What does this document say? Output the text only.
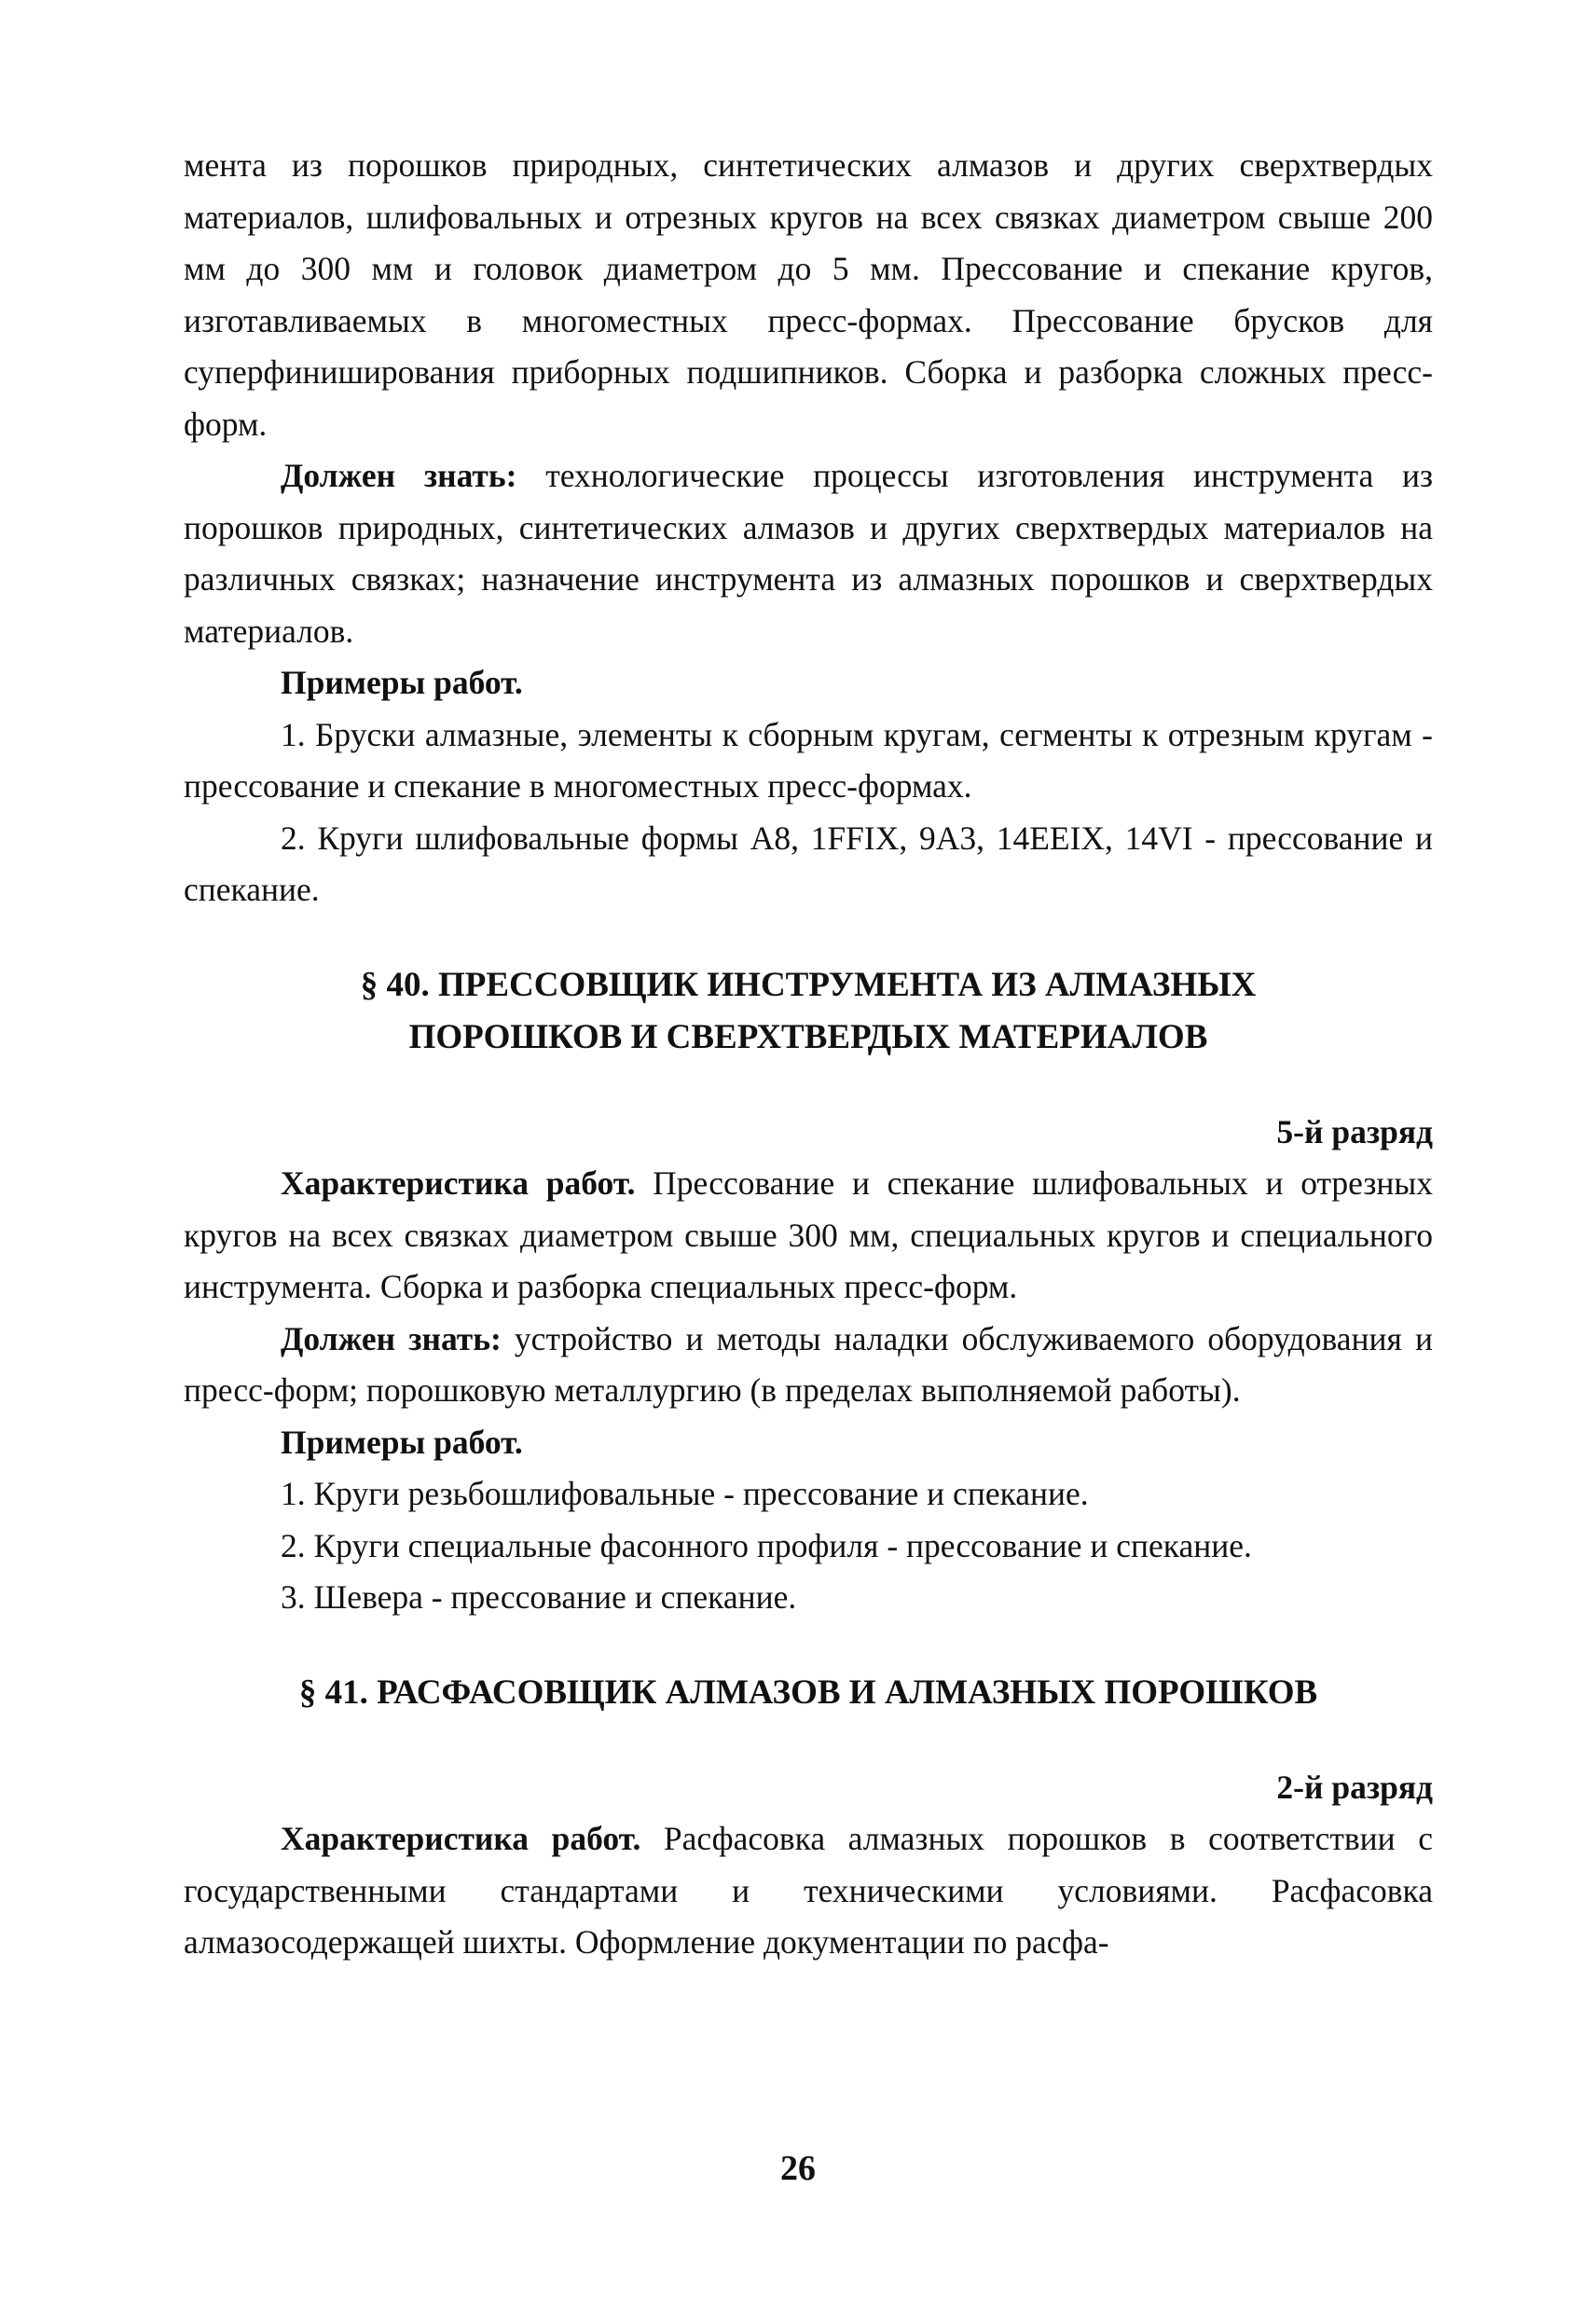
мента из порошков природных, синтетических алмазов и других сверхтвердых материалов, шлифовальных и отрезных кругов на всех связках диаметром свыше 200 мм до 300 мм и головок диаметром до 5 мм. Прессование и спекание кругов, изготавливаемых в многоместных пресс-формах. Прессование брусков для суперфиниширования приборных подшипников. Сборка и разборка сложных пресс-форм.

Должен знать: технологические процессы изготовления инструмента из порошков природных, синтетических алмазов и других сверхтвердых материалов на различных связках; назначение инструмента из алмазных порошков и сверхтвердых материалов.

Примеры работ.

1. Бруски алмазные, элементы к сборным кругам, сегменты к отрезным кругам - прессование и спекание в многоместных пресс-формах.

2. Круги шлифовальные формы А8, 1FFIX, 9А3, 14EEIX, 14VI - прессование и спекание.

§ 40. ПРЕССОВЩИК ИНСТРУМЕНТА ИЗ АЛМАЗНЫХ
ПОРОШКОВ И СВЕРХТВЕРДЫХ МАТЕРИАЛОВ

5-й разряд

Характеристика работ. Прессование и спекание шлифовальных и отрезных кругов на всех связках диаметром свыше 300 мм, специальных кругов и специального инструмента. Сборка и разборка специальных пресс-форм.

Должен знать: устройство и методы наладки обслуживаемого оборудования и пресс-форм; порошковую металлургию (в пределах выполняемой работы).

Примеры работ.

1. Круги резьбошлифовальные - прессование и спекание.

2. Круги специальные фасонного профиля - прессование и спекание.

3. Шевера - прессование и спекание.

§ 41. РАСФАСОВЩИК АЛМАЗОВ И АЛМАЗНЫХ ПОРОШКОВ

2-й разряд

Характеристика работ. Расфасовка алмазных порошков в соответствии с государственными стандартами и техническими условиями. Расфасовка алмазосодержащей шихты. Оформление документации по расфа-

26
